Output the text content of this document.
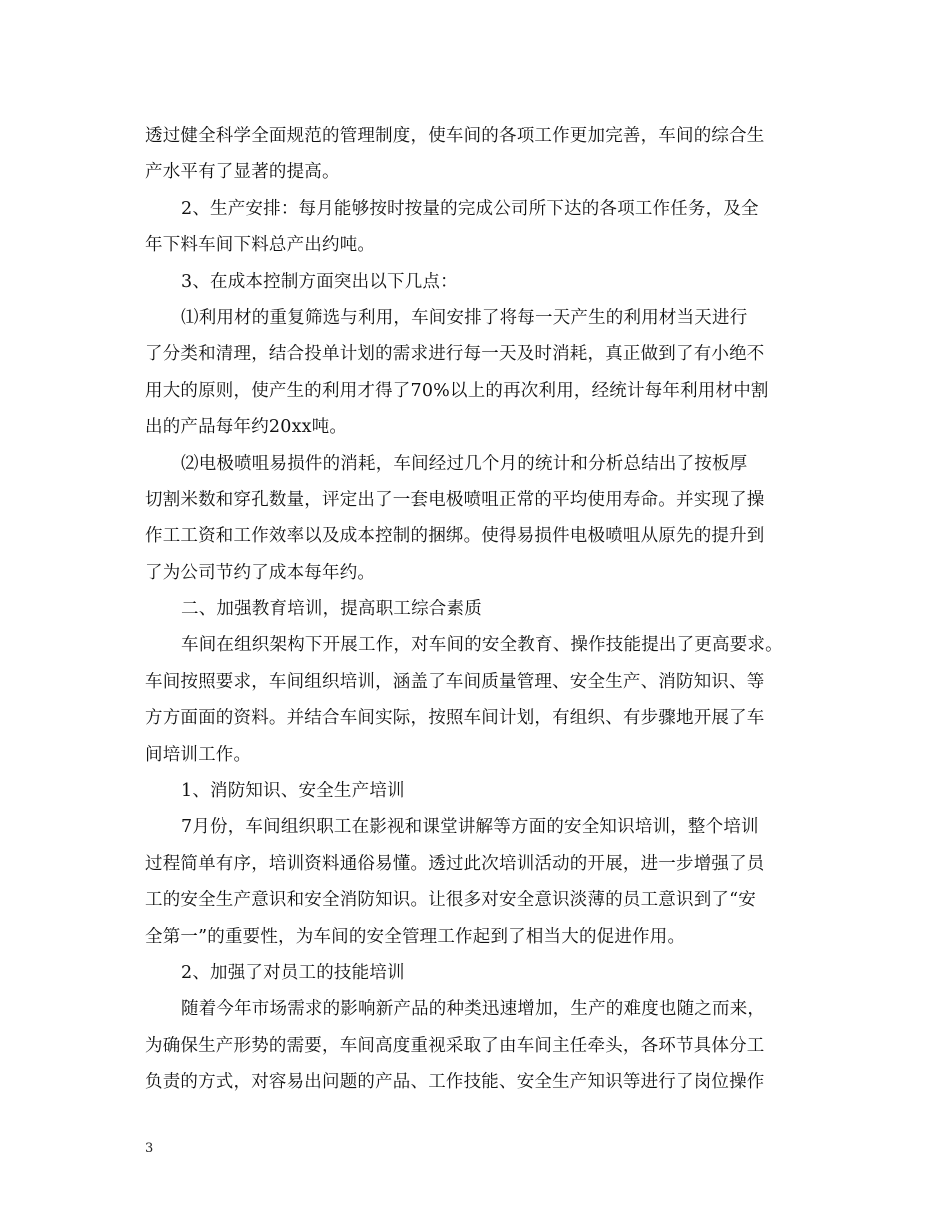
透过健全科学全面规范的管理制度，使车间的各项工作更加完善，车间的综合生
产水平有了显著的提高。
2、生产安排：每月能够按时按量的完成公司所下达的各项工作任务，及全
年下料车间下料总产出约吨。
3、在成本控制方面突出以下几点：
⑴利用材的重复筛选与利用，车间安排了将每一天产生的利用材当天进行
了分类和清理，结合投单计划的需求进行每一天及时消耗，真正做到了有小绝不
用大的原则，使产生的利用才得了70%以上的再次利用，经统计每年利用材中割
出的产品每年约20xx吨。
⑵电极喷咀易损件的消耗，车间经过几个月的统计和分析总结出了按板厚
切割米数和穿孔数量，评定出了一套电极喷咀正常的平均使用寿命。并实现了操
作工工资和工作效率以及成本控制的捆绑。使得易损件电极喷咀从原先的提升到
了为公司节约了成本每年约。
二、加强教育培训，提高职工综合素质
车间在组织架构下开展工作，对车间的安全教育、操作技能提出了更高要求。
车间按照要求，车间组织培训，涵盖了车间质量管理、安全生产、消防知识、等
方方面面的资料。并结合车间实际，按照车间计划，有组织、有步骤地开展了车
间培训工作。
1、消防知识、安全生产培训
7月份，车间组织职工在影视和课堂讲解等方面的安全知识培训，整个培训
过程简单有序，培训资料通俗易懂。透过此次培训活动的开展，进一步增强了员
工的安全生产意识和安全消防知识。让很多对安全意识淡薄的员工意识到了“安
全第一”的重要性，为车间的安全管理工作起到了相当大的促进作用。
2、加强了对员工的技能培训
随着今年市场需求的影响新产品的种类迅速增加，生产的难度也随之而来，
为确保生产形势的需要，车间高度重视采取了由车间主任牵头，各环节具体分工
负责的方式，对容易出问题的产品、工作技能、安全生产知识等进行了岗位操作
3
